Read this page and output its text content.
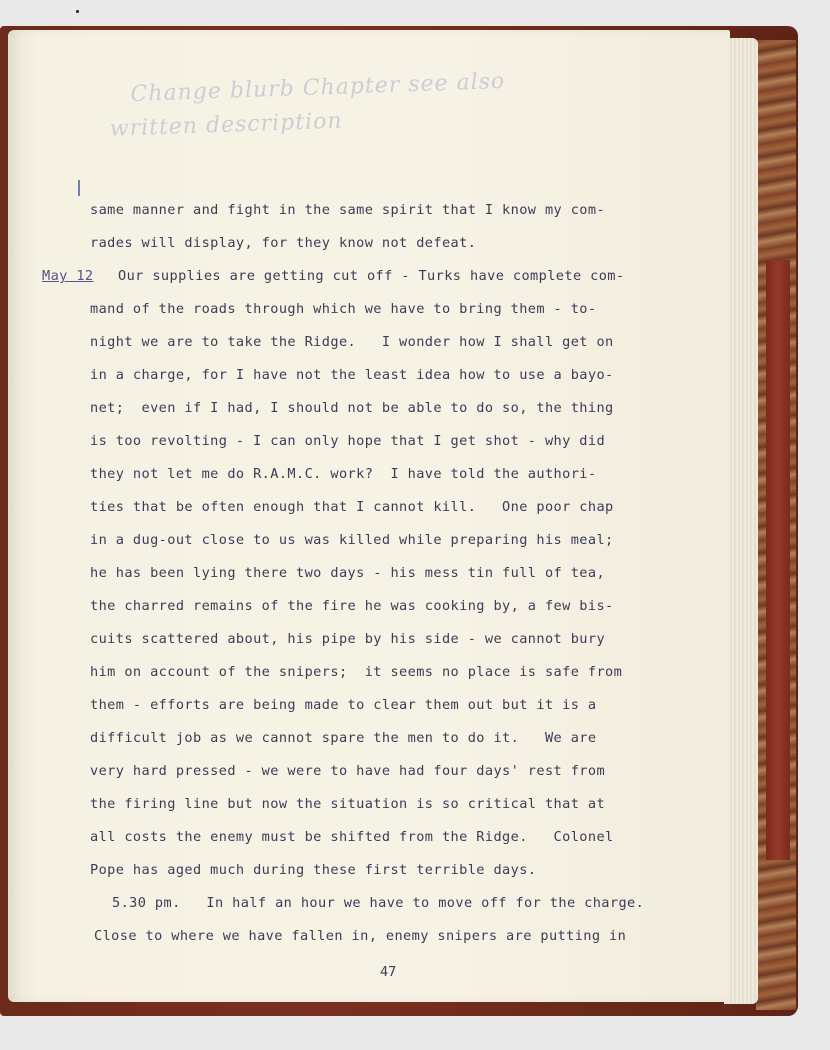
Change blurb Chapter see also
written description
same manner and fight in the same spirit that I know my com-
rades will display, for they know not defeat.
May 12 Our supplies are getting cut off - Turks have complete com-
mand of the roads through which we have to bring them - to-
night we are to take the Ridge.   I wonder how I shall get on
in a charge, for I have not the least idea how to use a bayo-
net;  even if I had, I should not be able to do so, the thing
is too revolting - I can only hope that I get shot - why did
they not let me do R.A.M.C. work?  I have told the authori-
ties that be often enough that I cannot kill.   One poor chap
in a dug-out close to us was killed while preparing his meal;
he has been lying there two days - his mess tin full of tea,
the charred remains of the fire he was cooking by, a few bis-
cuits scattered about, his pipe by his side - we cannot bury
him on account of the snipers;  it seems no place is safe from
them - efforts are being made to clear them out but it is a
difficult job as we cannot spare the men to do it.   We are
very hard pressed - we were to have had four days' rest from
the firing line but now the situation is so critical that at
all costs the enemy must be shifted from the Ridge.   Colonel
Pope has aged much during these first terrible days.
5.30 pm.   In half an hour we have to move off for the charge.
Close to where we have fallen in, enemy snipers are putting in
47
